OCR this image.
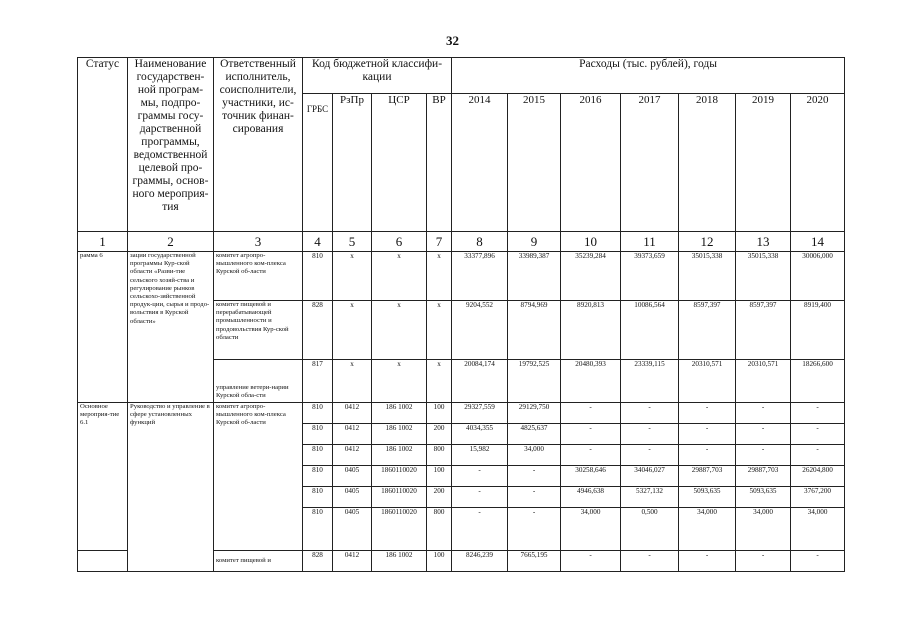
32
Статус	Наименование государствен-ной програм-мы, подпро-граммы госу-дарственной программы, ведомственной целевой про-граммы, основ-ного мероприя-тия	Ответственный исполнитель, соисполнители, участники, ис-точник финан-сирования	Код бюджетной классифи-кации				Расходы (тыс. рублей), годы						
			ГРБС	РзПр	ЦСР	ВР	2014	2015	2016	2017	2018	2019	2020
1	2	3	4	5	6	7	8	9	10	11	12	13	14
рамма 6	зации государственной программы Кур-ской области «Разви-тие сельского хозяй-ства и регулирование рынков сельскохо-зяйственной продук-ции, сырья и продо-вольствия в Курской области»	комитет агропро-мышленного ком-плекса Курской об-ласти	810	х	х	х	33377,896	33989,387	35239,284	39373,659	35015,338	35015,338	30006,000
		комитет пищевой и перерабатывающей промышленности и продовольствия Кур-ской области	828	х	х	х	9204,552	8794,969	8920,813	10086,564	8597,397	8597,397	8919,400
		управление ветери-нарии Курской обла-сти	817	х	х	х	20084,174	19792,525	20480,393	23339,115	20310,571	20310,571	18266,600
Основное мероприя-тие 6.1	Руководство и управление в сфере установленных функций	комитет агропро-мышленного ком-плекса Курской об-ласти	810	0412	186 1002	100	29327,559	29129,750	-	-	-	-	-
			810	0412	186 1002	200	4034,355	4825,637	-	-	-	-	-
			810	0412	186 1002	800	15,982	34,000	-	-	-	-	-
			810	0405	1860110020	100	-	-	30258,646	34046,027	29887,703	29887,703	26204,800
			810	0405	1860110020	200	-	-	4946,638	5327,132	5093,635	5093,635	3767,200
			810	0405	1860110020	800	-	-	34,000	0,500	34,000	34,000	34,000
		комитет пищевой и	828	0412	186 1002	100	8246,239	7665,195	-	-	-	-	-
